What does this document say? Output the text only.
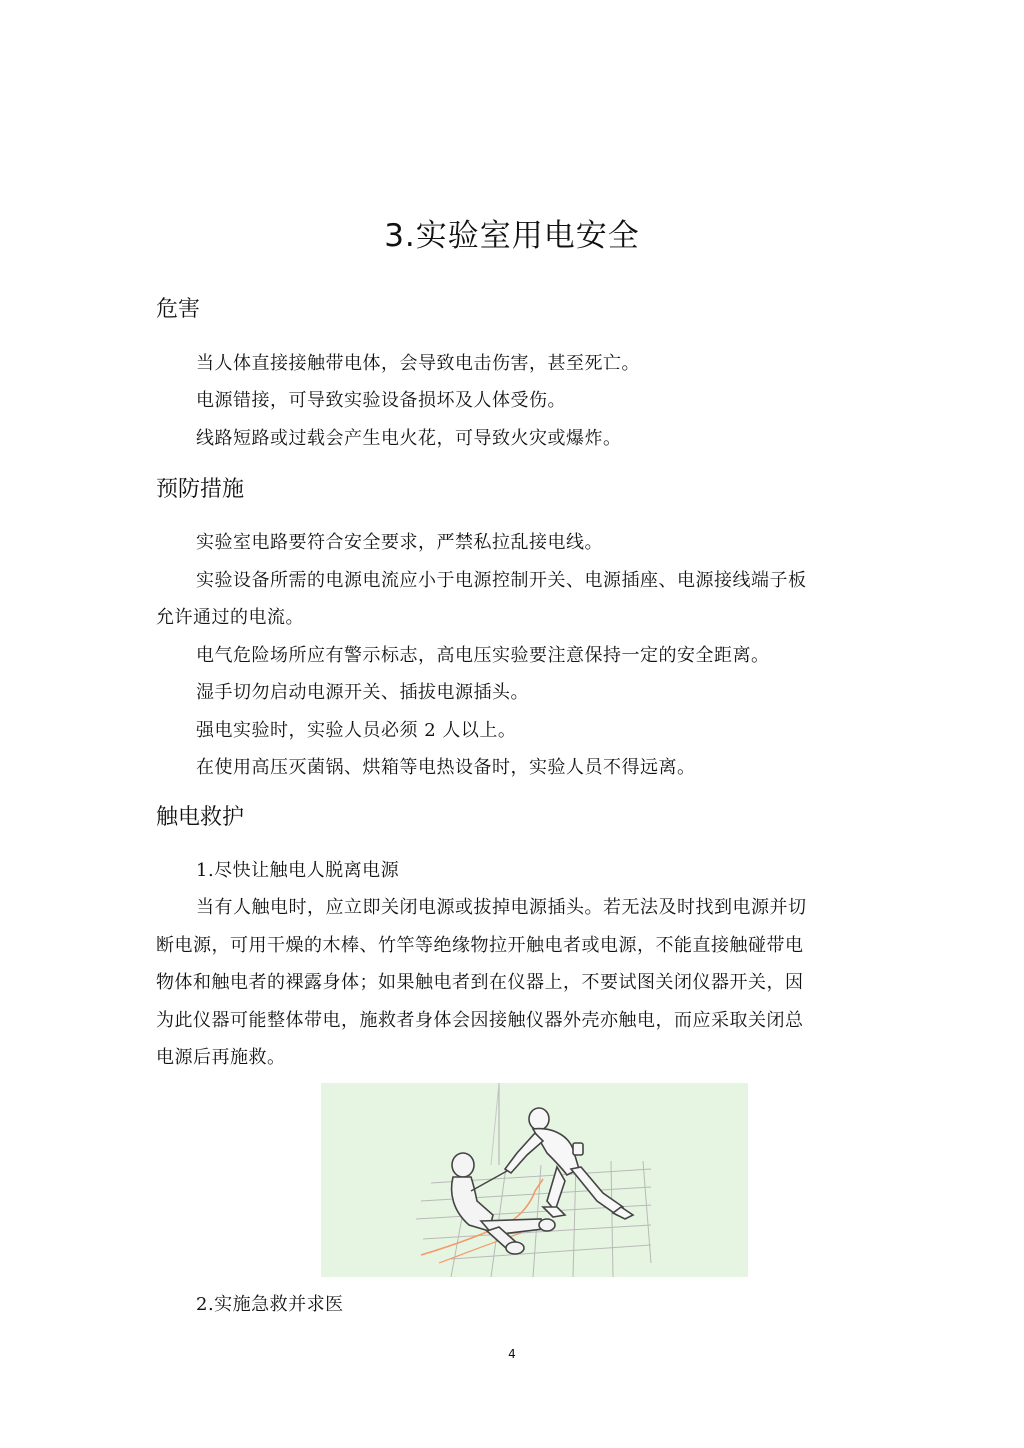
3.实验室用电安全
危害
当人体直接接触带电体，会导致电击伤害，甚至死亡。
电源错接，可导致实验设备损坏及人体受伤。
线路短路或过载会产生电火花，可导致火灾或爆炸。
预防措施
实验室电路要符合安全要求，严禁私拉乱接电线。
实验设备所需的电源电流应小于电源控制开关、电源插座、电源接线端子板
允许通过的电流。
电气危险场所应有警示标志，高电压实验要注意保持一定的安全距离。
湿手切勿启动电源开关、插拔电源插头。
强电实验时，实验人员必须 2 人以上。
在使用高压灭菌锅、烘箱等电热设备时，实验人员不得远离。
触电救护
1.尽快让触电人脱离电源
当有人触电时，应立即关闭电源或拔掉电源插头。若无法及时找到电源并切
断电源，可用干燥的木棒、竹竿等绝缘物拉开触电者或电源，不能直接触碰带电
物体和触电者的裸露身体；如果触电者到在仪器上，不要试图关闭仪器开关，因
为此仪器可能整体带电，施救者身体会因接触仪器外壳亦触电，而应采取关闭总
电源后再施救。
2.实施急救并求医
4
